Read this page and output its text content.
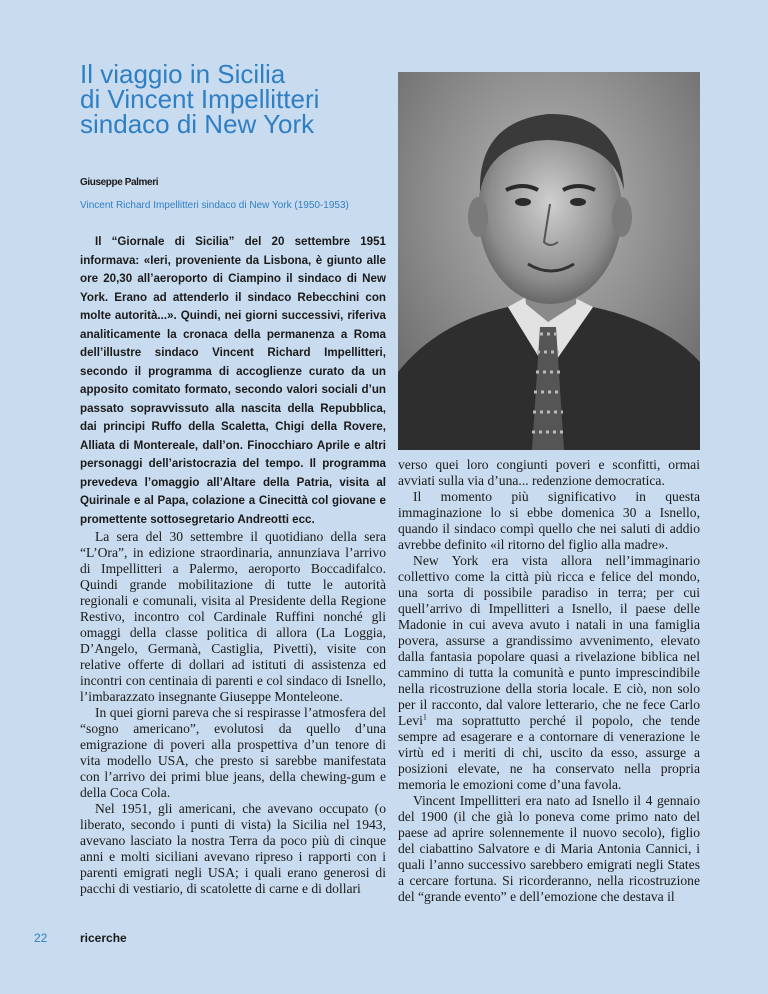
Il viaggio in Sicilia
di Vincent Impellitteri
sindaco di New York
Giuseppe Palmeri
Vincent Richard Impellitteri sindaco di New York (1950-1953)

Il “Giornale di Sicilia” del 20 settembre 1951 informava: «Ieri, proveniente da Lisbona, è giunto alle ore 20,30 all’aeroporto di Ciampino il sindaco di New York. Erano ad attenderlo il sindaco Rebecchini con molte autorità...». Quindi, nei giorni successivi, riferiva analiticamente la cronaca della permanenza a Roma dell’illustre sindaco Vincent Richard Impellitteri, secondo il programma di accoglienze curato da un apposito comitato formato, secondo valori sociali d’un passato sopravvissuto alla nascita della Repubblica, dai principi Ruffo della Scaletta, Chigi della Rovere, Alliata di Montereale, dall’on. Finocchiaro Aprile e altri personaggi dell’aristocrazia del tempo. Il programma prevedeva l’omaggio all’Altare della Patria, visita al Quirinale e al Papa, colazione a Cinecittà col giovane e promettente sottosegretario Andreotti ecc.

La sera del 30 settembre il quotidiano della sera “L’Ora”, in edizione straordinaria, annunziava l’arrivo di Impellitteri a Palermo, aeroporto Boccadifalco. Quindi grande mobilitazione di tutte le autorità regionali e comunali, visita al Presidente della Regione Restivo, incontro col Cardinale Ruffini nonché gli omaggi della classe politica di allora (La Loggia, D’Angelo, Germanà, Castiglia, Pivetti), visite con relative offerte di dollari ad istituti di assistenza ed incontri con centinaia di parenti e col sindaco di Isnello, l’imbarazzato insegnante Giuseppe Monteleone.

In quei giorni pareva che si respirasse l’atmosfera del “sogno americano”, evolutosi da quello d’una emigrazione di poveri alla prospettiva d’un tenore di vita modello USA, che presto si sarebbe manifestata con l’arrivo dei primi blue jeans, della chewing-gum e della Coca Cola.

Nel 1951, gli americani, che avevano occupato (o liberato, secondo i punti di vista) la Sicilia nel 1943, avevano lasciato la nostra Terra da poco più di cinque anni e molti siciliani avevano ripreso i rapporti con i parenti emigrati negli USA; i quali erano generosi di pacchi di vestiario, di scatolette di carne e di dollari

verso quei loro congiunti poveri e sconfitti, ormai avviati sulla via d’una... redenzione democratica.

Il momento più significativo in questa immaginazione lo si ebbe domenica 30 a Isnello, quando il sindaco compì quello che nei saluti di addio avrebbe definito «il ritorno del figlio alla madre».

New York era vista allora nell’immaginario collettivo come la città più ricca e felice del mondo, una sorta di possibile paradiso in terra; per cui quell’arrivo di Impellitteri a Isnello, il paese delle Madonie in cui aveva avuto i natali in una famiglia povera, assurse a grandissimo avvenimento, elevato dalla fantasia popolare quasi a rivelazione biblica nel cammino di tutta la comunità e punto imprescindibile nella ricostruzione della storia locale. E ciò, non solo per il racconto, dal valore letterario, che ne fece Carlo Levi$^1$ ma soprattutto perché il popolo, che tende sempre ad esagerare e a contornare di venerazione le virtù ed i meriti di chi, uscito da esso, assurge a posizioni elevate, ne ha conservato nella propria memoria le emozioni come d’una favola.

Vincent Impellitteri era nato ad Isnello il 4 gennaio del 1900 (il che già lo poneva come primo nato del paese ad aprire solennemente il nuovo secolo), figlio del ciabattino Salvatore e di Maria Antonia Cannici, i quali l’anno successivo sarebbero emigrati negli States a cercare fortuna. Si ricorderanno, nella ricostruzione del “grande evento” e dell’emozione che destava il

22	ricerche
